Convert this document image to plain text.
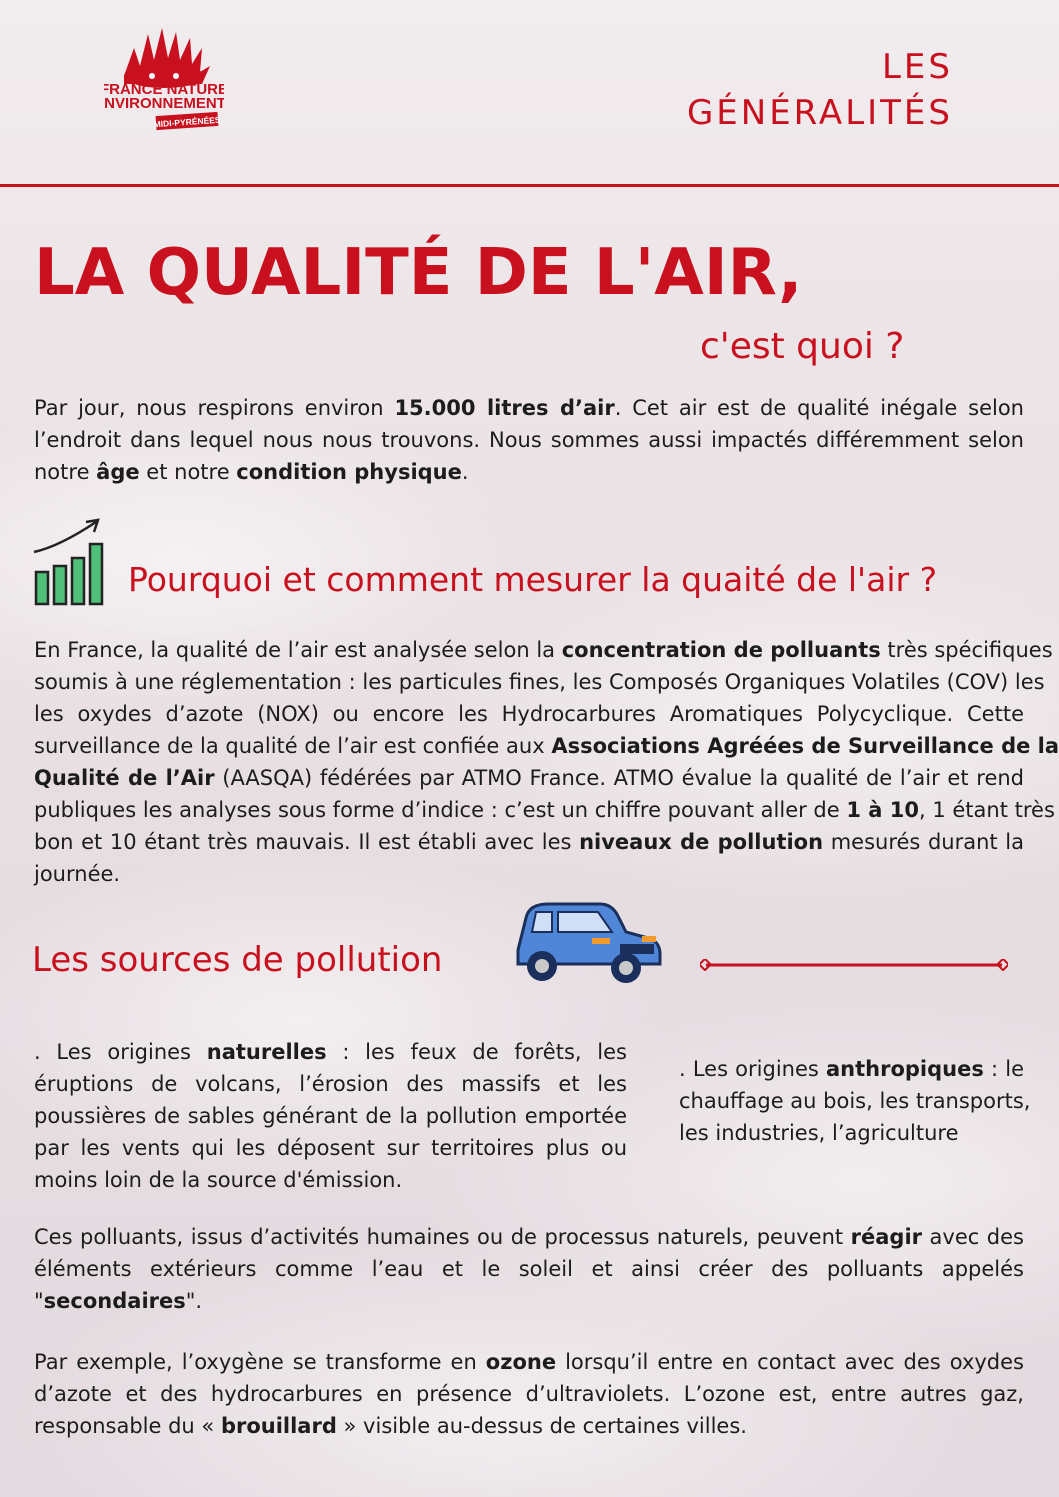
FRANCE NATURE
ENVIRONNEMENT
MIDI-PYRÉNÉES
LES
GÉNÉRALITÉS
LA QUALITÉ DE L'AIR,
c'est quoi ?
Par jour, nous respirons environ 15.000 litres d’air. Cet air est de qualité inégale selon
l’endroit dans lequel nous nous trouvons. Nous sommes aussi impactés différemment selon
notre âge et notre condition physique.
Pourquoi et comment mesurer la quaité de l'air ?
En France, la qualité de l’air est analysée selon la concentration de polluants très spécifiques
soumis à une réglementation : les particules fines, les Composés Organiques Volatiles (COV) les
les oxydes d’azote (NOX) ou encore les Hydrocarbures Aromatiques Polycyclique. Cette
surveillance de la qualité de l’air est confiée aux Associations Agréées de Surveillance de la
Qualité de l’Air (AASQA) fédérées par ATMO France. ATMO évalue la qualité de l’air et rend
publiques les analyses sous forme d’indice : c’est un chiffre pouvant aller de 1 à 10, 1 étant très
bon et 10 étant très mauvais. Il est établi avec les niveaux de pollution mesurés durant la
journée.
Les sources de pollution
. Les origines naturelles : les feux de forêts, les
éruptions de volcans, l’érosion des massifs et les
poussières de sables générant de la pollution emportée
par les vents qui les déposent sur territoires plus ou
moins loin de la source d'émission.
. Les origines anthropiques : le
chauffage au bois, les transports,
les industries, l’agriculture
Ces polluants, issus d’activités humaines ou de processus naturels, peuvent réagir avec des
éléments extérieurs comme l’eau et le soleil et ainsi créer des polluants appelés
"secondaires".
Par exemple, l’oxygène se transforme en ozone lorsqu’il entre en contact avec des oxydes
d’azote et des hydrocarbures en présence d’ultraviolets. L’ozone est, entre autres gaz,
responsable du « brouillard » visible au-dessus de certaines villes.
